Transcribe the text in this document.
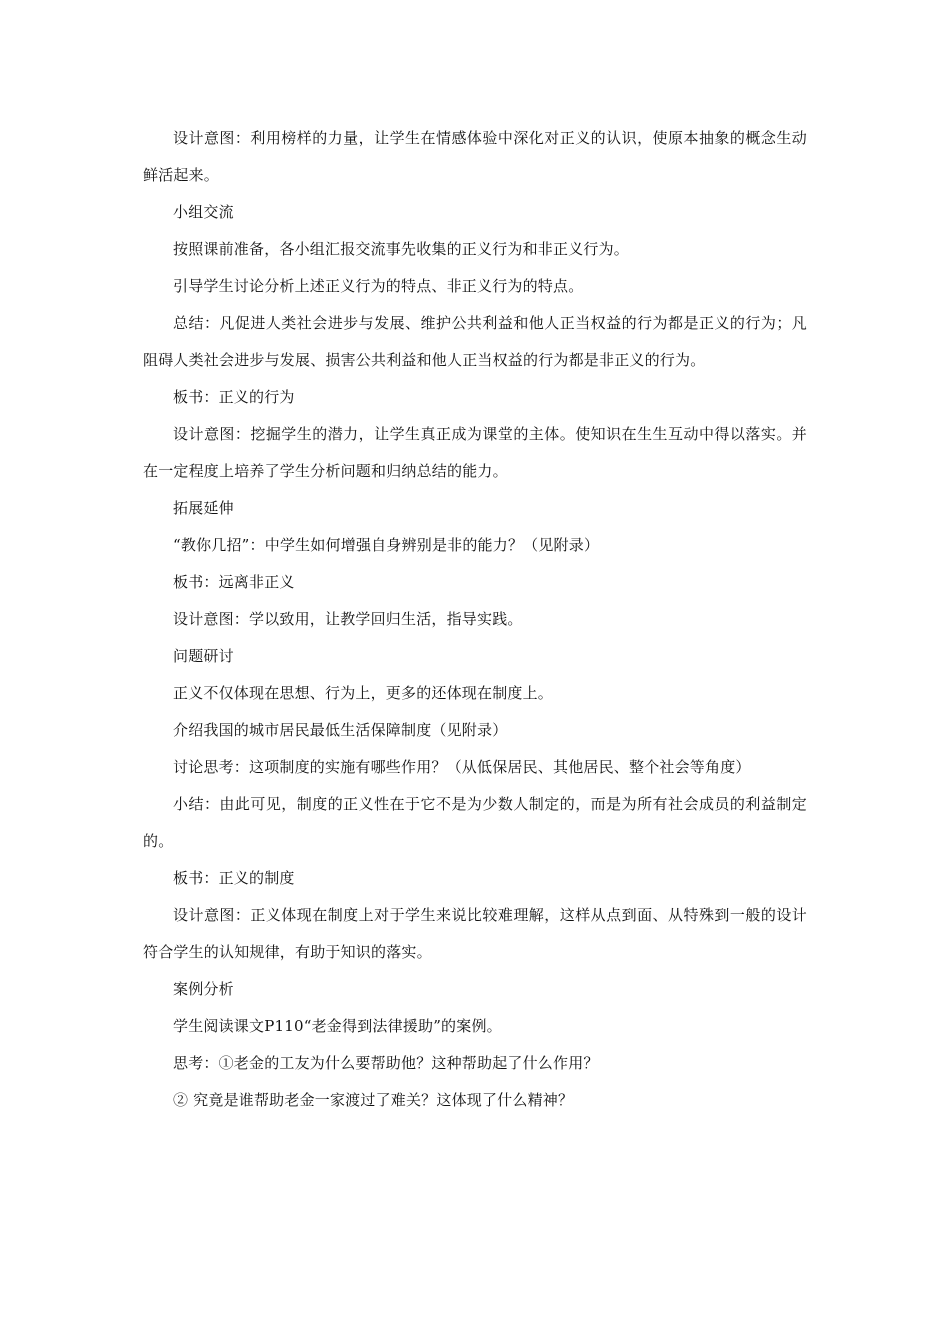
设计意图：利用榜样的力量，让学生在情感体验中深化对正义的认识，使原本抽象的概念生动鲜活起来。

小组交流

按照课前准备，各小组汇报交流事先收集的正义行为和非正义行为。

引导学生讨论分析上述正义行为的特点、非正义行为的特点。

总结：凡促进人类社会进步与发展、维护公共利益和他人正当权益的行为都是正义的行为；凡阻碍人类社会进步与发展、损害公共利益和他人正当权益的行为都是非正义的行为。

板书：正义的行为

设计意图：挖掘学生的潜力，让学生真正成为课堂的主体。使知识在生生互动中得以落实。并在一定程度上培养了学生分析问题和归纳总结的能力。

拓展延伸

“教你几招”：中学生如何增强自身辨别是非的能力？（见附录）

板书：远离非正义

设计意图：学以致用，让教学回归生活，指导实践。

问题研讨

正义不仅体现在思想、行为上，更多的还体现在制度上。

介绍我国的城市居民最低生活保障制度（见附录）

讨论思考：这项制度的实施有哪些作用？（从低保居民、其他居民、整个社会等角度）

小结：由此可见，制度的正义性在于它不是为少数人制定的，而是为所有社会成员的利益制定的。

板书：正义的制度

设计意图：正义体现在制度上对于学生来说比较难理解，这样从点到面、从特殊到一般的设计符合学生的认知规律，有助于知识的落实。

案例分析

学生阅读课文P110“老金得到法律援助”的案例。

思考：①老金的工友为什么要帮助他？这种帮助起了什么作用？

② 究竟是谁帮助老金一家渡过了难关？这体现了什么精神？
